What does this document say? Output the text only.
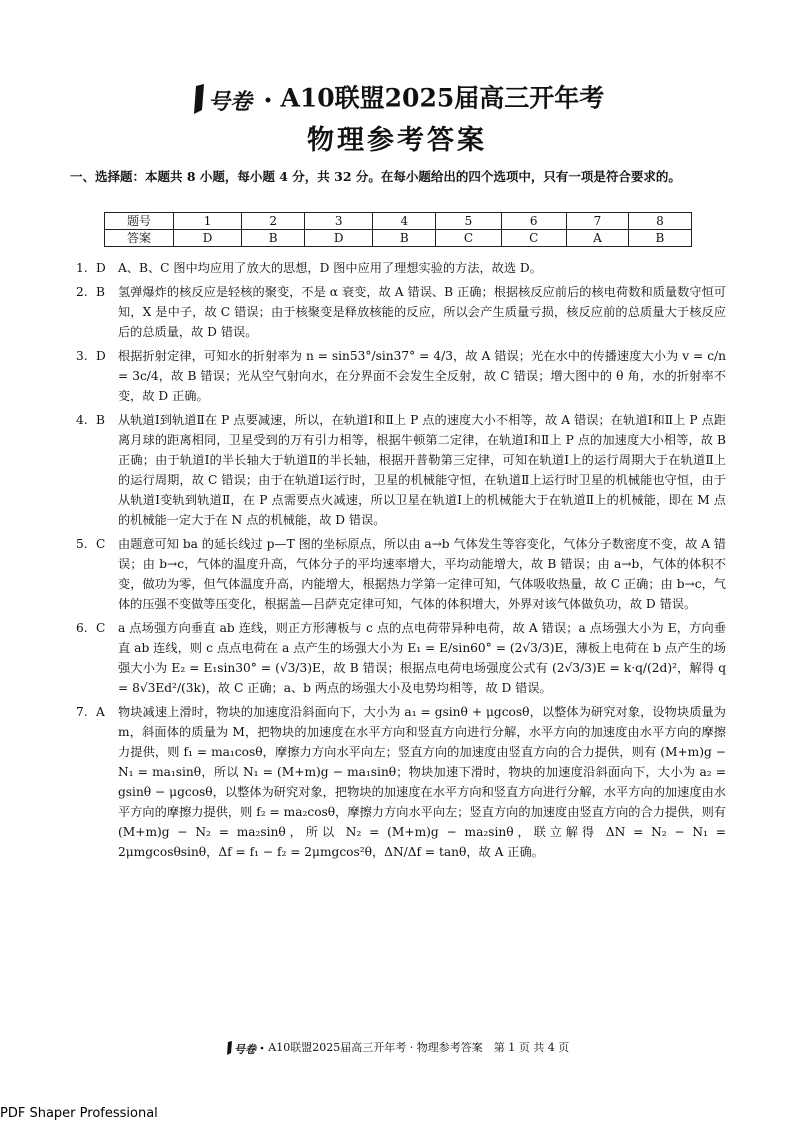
号卷 A10联盟2025届高三开年考
物理参考答案
一、选择题：本题共 8 小题，每小题 4 分，共 32 分。在每小题给出的四个选项中，只有一项是符合要求的。
题号	1	2	3	4	5	6	7	8
答案	D	B	D	B	C	C	A	B
1. D A、B、C 图中均应用了放大的思想，D 图中应用了理想实验的方法，故选 D。

2. B 氢弹爆炸的核反应是轻核的聚变，不是 α 衰变，故 A 错误、B 正确；根据核反应前后的核电荷数和质量数守恒可知，X 是中子，故 C 错误；由于核聚变是释放核能的反应，所以会产生质量亏损，核反应前的总质量大于核反应后的总质量，故 D 错误。

3. D 根据折射定律，可知水的折射率为 n = sin53°/sin37° = 4/3，故 A 错误；光在水中的传播速度大小为 v = c/n = 3c/4，故 B 错误；光从空气射向水，在分界面不会发生全反射，故 C 错误；增大图中的 θ 角，水的折射率不变，故 D 正确。

4. B 从轨道Ⅰ到轨道Ⅱ在 P 点要减速，所以，在轨道Ⅰ和Ⅱ上 P 点的速度大小不相等，故 A 错误；在轨道Ⅰ和Ⅱ上 P 点距离月球的距离相同，卫星受到的万有引力相等，根据牛顿第二定律，在轨道Ⅰ和Ⅱ上 P 点的加速度大小相等，故 B 正确；由于轨道Ⅰ的半长轴大于轨道Ⅱ的半长轴，根据开普勒第三定律，可知在轨道Ⅰ上的运行周期大于在轨道Ⅱ上的运行周期，故 C 错误；由于在轨道Ⅰ运行时，卫星的机械能守恒，在轨道Ⅱ上运行时卫星的机械能也守恒，由于从轨道Ⅰ变轨到轨道Ⅱ，在 P 点需要点火减速，所以卫星在轨道Ⅰ上的机械能大于在轨道Ⅱ上的机械能，即在 M 点的机械能一定大于在 N 点的机械能，故 D 错误。

5. C 由题意可知 ba 的延长线过 p—T 图的坐标原点，所以由 a→b 气体发生等容变化，气体分子数密度不变，故 A 错误；由 b→c，气体的温度升高，气体分子的平均速率增大，平均动能增大，故 B 错误；由 a→b，气体的体积不变，做功为零，但气体温度升高，内能增大，根据热力学第一定律可知，气体吸收热量，故 C 正确；由 b→c，气体的压强不变做等压变化，根据盖—吕萨克定律可知，气体的体积增大，外界对该气体做负功，故 D 错误。

6. C a 点场强方向垂直 ab 连线，则正方形薄板与 c 点的点电荷带异种电荷，故 A 错误；a 点场强大小为 E，方向垂直 ab 连线，则 c 点点电荷在 a 点产生的场强大小为 E₁ = E/sin60° = (2√3/3)E，薄板上电荷在 b 点产生的场强大小为 E₂ = E₁sin30° = (√3/3)E，故 B 错误；根据点电荷电场强度公式有 (2√3/3)E = k·q/(2d)²，解得 q = 8√3Ed²/(3k)，故 C 正确；a、b 两点的场强大小及电势均相等，故 D 错误。

7. A 物块减速上滑时，物块的加速度沿斜面向下，大小为 a₁ = gsinθ + μgcosθ，以整体为研究对象，设物块质量为 m，斜面体的质量为 M，把物块的加速度在水平方向和竖直方向进行分解，水平方向的加速度由水平方向的摩擦力提供，则 f₁ = ma₁cosθ，摩擦力方向水平向左；竖直方向的加速度由竖直方向的合力提供，则有 (M+m)g − N₁ = ma₁sinθ，所以 N₁ = (M+m)g − ma₁sinθ；物块加速下滑时，物块的加速度沿斜面向下，大小为 a₂ = gsinθ − μgcosθ，以整体为研究对象，把物块的加速度在水平方向和竖直方向进行分解，水平方向的加速度由水平方向的摩擦力提供，则 f₂ = ma₂cosθ，摩擦力方向水平向左；竖直方向的加速度由竖直方向的合力提供，则有 (M+m)g − N₂ = ma₂sinθ，所以 N₂ = (M+m)g − ma₂sinθ，联立解得 ΔN = N₂ − N₁ = 2μmgcosθsinθ，Δf = f₁ − f₂ = 2μmgcos²θ，ΔN/Δf = tanθ，故 A 正确。

号卷 A10联盟2025届高三开年考 · 物理参考答案　第 1 页 共 4 页
PDF Shaper Professional
